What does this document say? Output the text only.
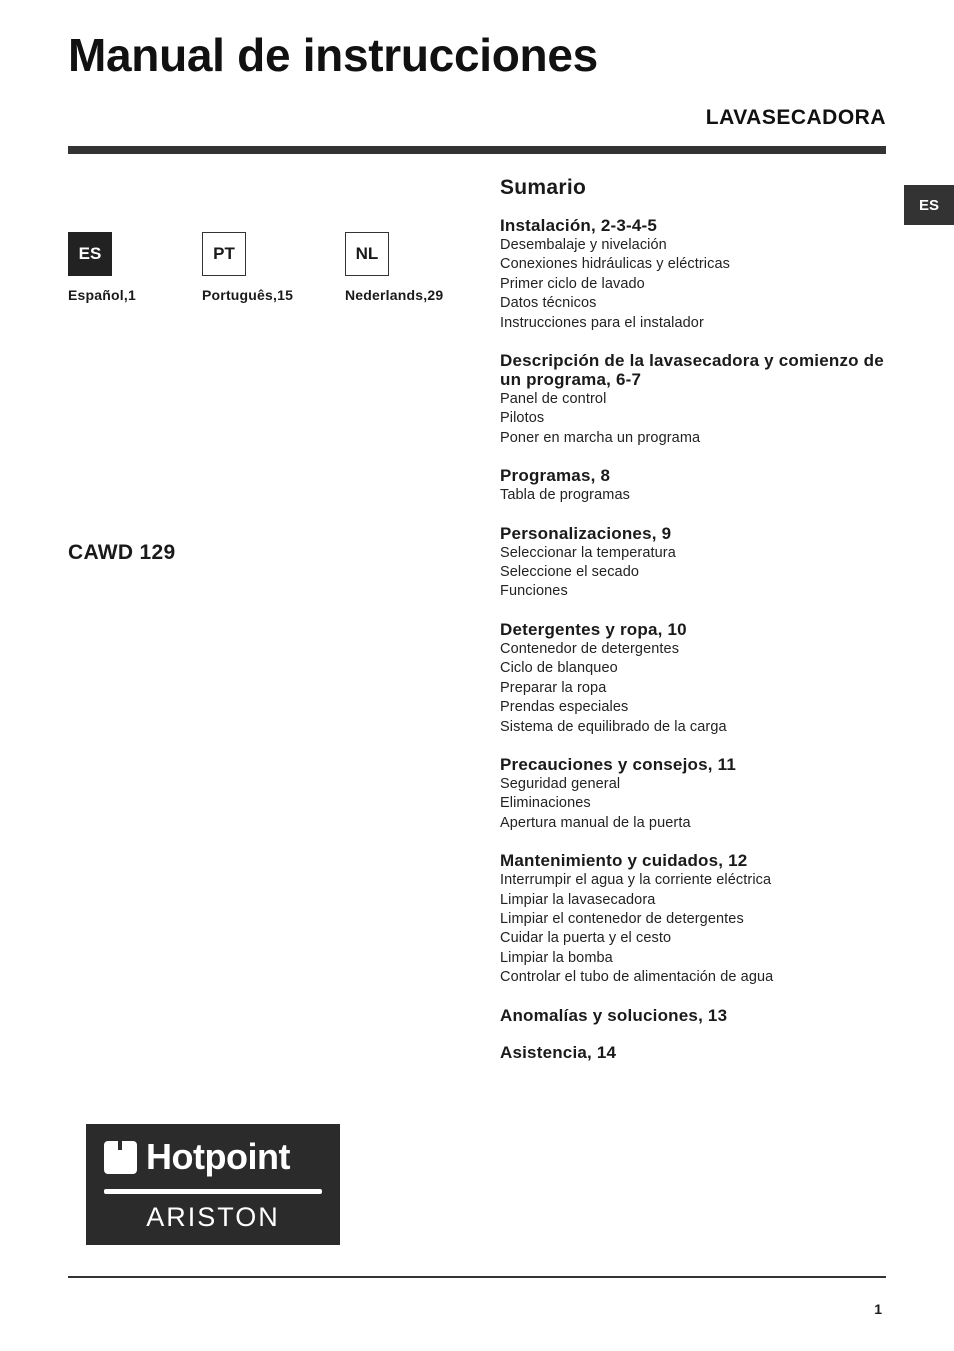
Manual de instrucciones
LAVASECADORA
ES
ES	PT	NL
Español,1	Português,15	Nederlands,29
CAWD 129
Sumario
Instalación, 2-3-4-5
Desembalaje y nivelación
Conexiones hidráulicas y eléctricas
Primer ciclo de lavado
Datos técnicos
Instrucciones para el instalador
Descripción de la lavasecadora y comienzo de un programa, 6-7
Panel de control
Pilotos
Poner en marcha un programa
Programas, 8
Tabla de programas
Personalizaciones, 9
Seleccionar la temperatura
Seleccione el secado
Funciones
Detergentes y ropa, 10
Contenedor de detergentes
Ciclo de blanqueo
Preparar la ropa
Prendas especiales
Sistema de equilibrado de la carga
Precauciones y consejos, 11
Seguridad general
Eliminaciones
Apertura manual de la puerta
Mantenimiento y cuidados, 12
Interrumpir el agua y la corriente eléctrica
Limpiar la lavasecadora
Limpiar el contenedor de detergentes
Cuidar la puerta y el cesto
Limpiar la bomba
Controlar el tubo de alimentación de agua
Anomalías y soluciones, 13
Asistencia, 14
Hotpoint
ARISTON
1
